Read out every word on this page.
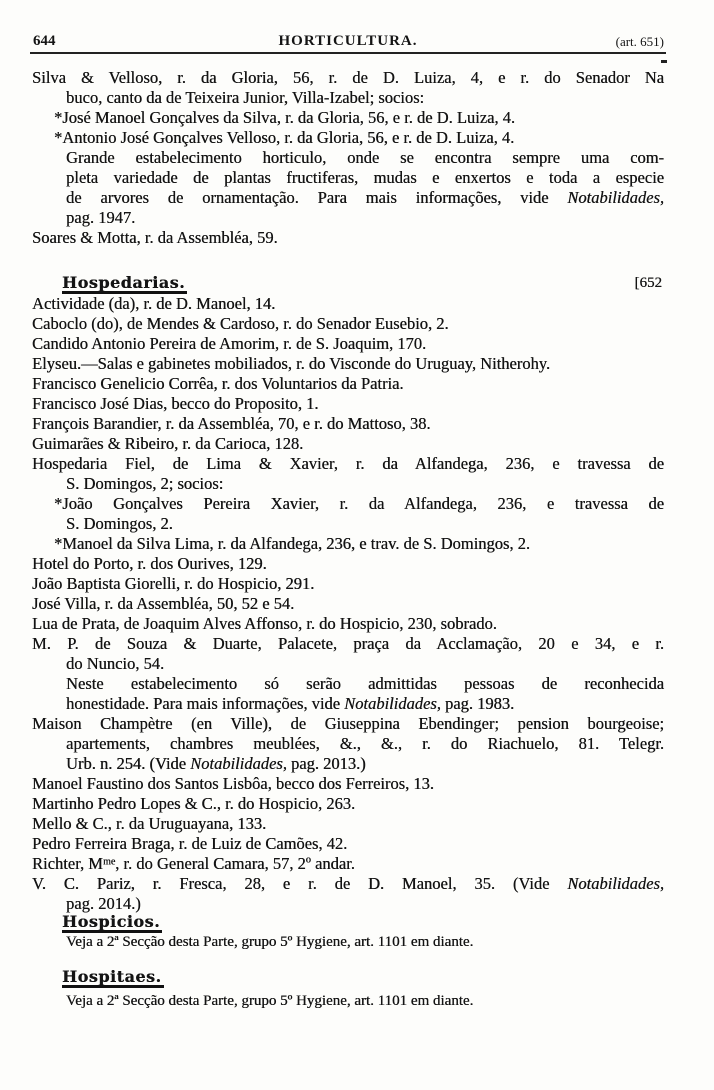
644	HORTICULTURA.	(art. 651)
Silva & Velloso, r. da Gloria, 56, r. de D. Luiza, 4, e r. do Senador Na
buco, canto da de Teixeira Junior, Villa-Izabel; socios:
*José Manoel Gonçalves da Silva, r. da Gloria, 56, e r. de D. Luiza, 4.
*Antonio José Gonçalves Velloso, r. da Gloria, 56, e r. de D. Luiza, 4.
Grande estabelecimento horticulo, onde se encontra sempre uma com-
pleta variedade de plantas fructiferas, mudas e enxertos e toda a especie
de arvores de ornamentação. Para mais informações, vide Notabilidades,
pag. 1947.
Soares & Motta, r. da Assembléa, 59.
Hospedarias.	[652
Actividade (da), r. de D. Manoel, 14.
Caboclo (do), de Mendes & Cardoso, r. do Senador Eusebio, 2.
Candido Antonio Pereira de Amorim, r. de S. Joaquim, 170.
Elyseu.—Salas e gabinetes mobiliados, r. do Visconde do Uruguay, Nitherohy.
Francisco Genelicio Corrêa, r. dos Voluntarios da Patria.
Francisco José Dias, becco do Proposito, 1.
François Barandier, r. da Assembléa, 70, e r. do Mattoso, 38.
Guimarães & Ribeiro, r. da Carioca, 128.
Hospedaria Fiel, de Lima & Xavier, r. da Alfandega, 236, e travessa de
S. Domingos, 2; socios:
*João Gonçalves Pereira Xavier, r. da Alfandega, 236, e travessa de
S. Domingos, 2.
*Manoel da Silva Lima, r. da Alfandega, 236, e trav. de S. Domingos, 2.
Hotel do Porto, r. dos Ourives, 129.
João Baptista Giorelli, r. do Hospicio, 291.
José Villa, r. da Assembléa, 50, 52 e 54.
Lua de Prata, de Joaquim Alves Affonso, r. do Hospicio, 230, sobrado.
M. P. de Souza & Duarte, Palacete, praça da Acclamação, 20 e 34, e r.
do Nuncio, 54.
Neste estabelecimento só serão admittidas pessoas de reconhecida
honestidade. Para mais informações, vide Notabilidades, pag. 1983.
Maison Champètre (en Ville), de Giuseppina Ebendinger; pension bourgeoise;
apartements, chambres meublées, &., &., r. do Riachuelo, 81. Telegr.
Urb. n. 254. (Vide Notabilidades, pag. 2013.)
Manoel Faustino dos Santos Lisbôa, becco dos Ferreiros, 13.
Martinho Pedro Lopes & C., r. do Hospicio, 263.
Mello & C., r. da Uruguayana, 133.
Pedro Ferreira Braga, r. de Luiz de Camões, 42.
Richter, Mᵐᵉ, r. do General Camara, 57, 2º andar.
V. C. Pariz, r. Fresca, 28, e r. de D. Manoel, 35. (Vide Notabilidades,
pag. 2014.)
Hospicios.
Veja a 2ª Secção desta Parte, grupo 5º Hygiene, art. 1101 em diante.
Hospitaes.
Veja a 2ª Secção desta Parte, grupo 5º Hygiene, art. 1101 em diante.
